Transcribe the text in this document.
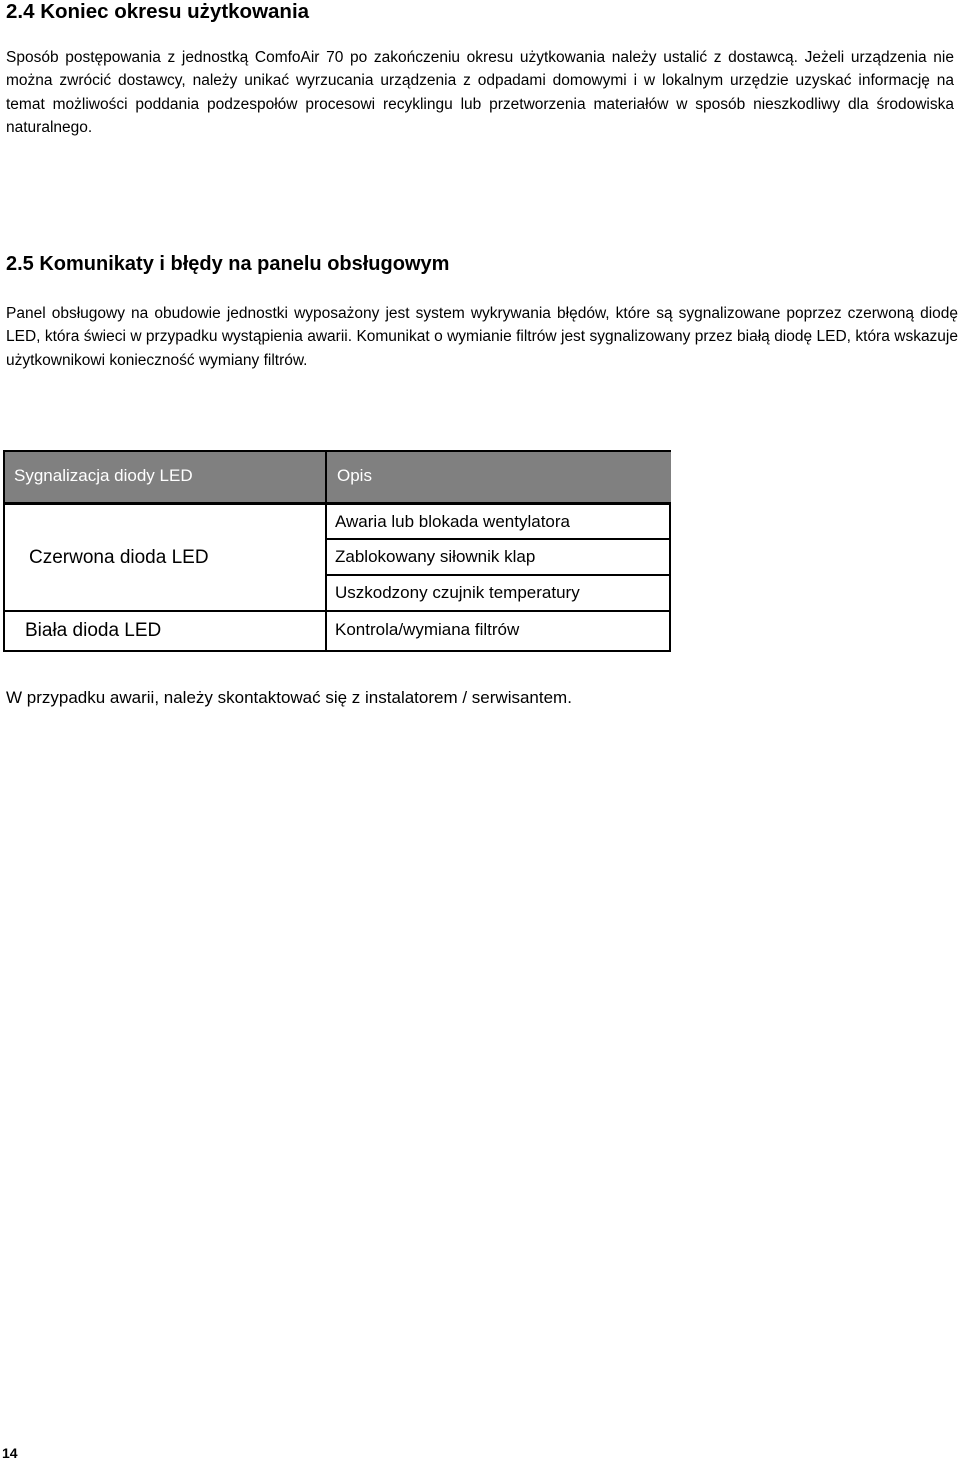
2.4 Koniec okresu użytkowania

Sposób postępowania z jednostką ComfoAir 70 po zakończeniu okresu użytkowania należy ustalić z dostawcą. Jeżeli urządzenia nie można zwrócić dostawcy, należy unikać wyrzucania urządzenia z odpadami domowymi i w lokalnym urzędzie uzyskać informację na temat możliwości poddania podzespołów procesowi recyklingu lub przetworzenia materiałów w sposób nieszkodliwy dla środowiska naturalnego.

2.5 Komunikaty i błędy na panelu obsługowym

Panel obsługowy na obudowie jednostki wyposażony jest system wykrywania błędów, które są sygnalizowane poprzez czerwoną diodę LED, która świeci w przypadku wystąpienia awarii. Komunikat o wymianie filtrów jest sygnalizowany przez białą diodę LED, która wskazuje użytkownikowi konieczność wymiany filtrów.

Sygnalizacja diody LED	Opis
Czerwona dioda LED
Awaria lub blokada wentylatora
Zablokowany siłownik klap
Uszkodzony czujnik temperatury
Biała dioda LED	Kontrola/wymiana filtrów

W przypadku awarii, należy skontaktować się z instalatorem / serwisantem.

14
